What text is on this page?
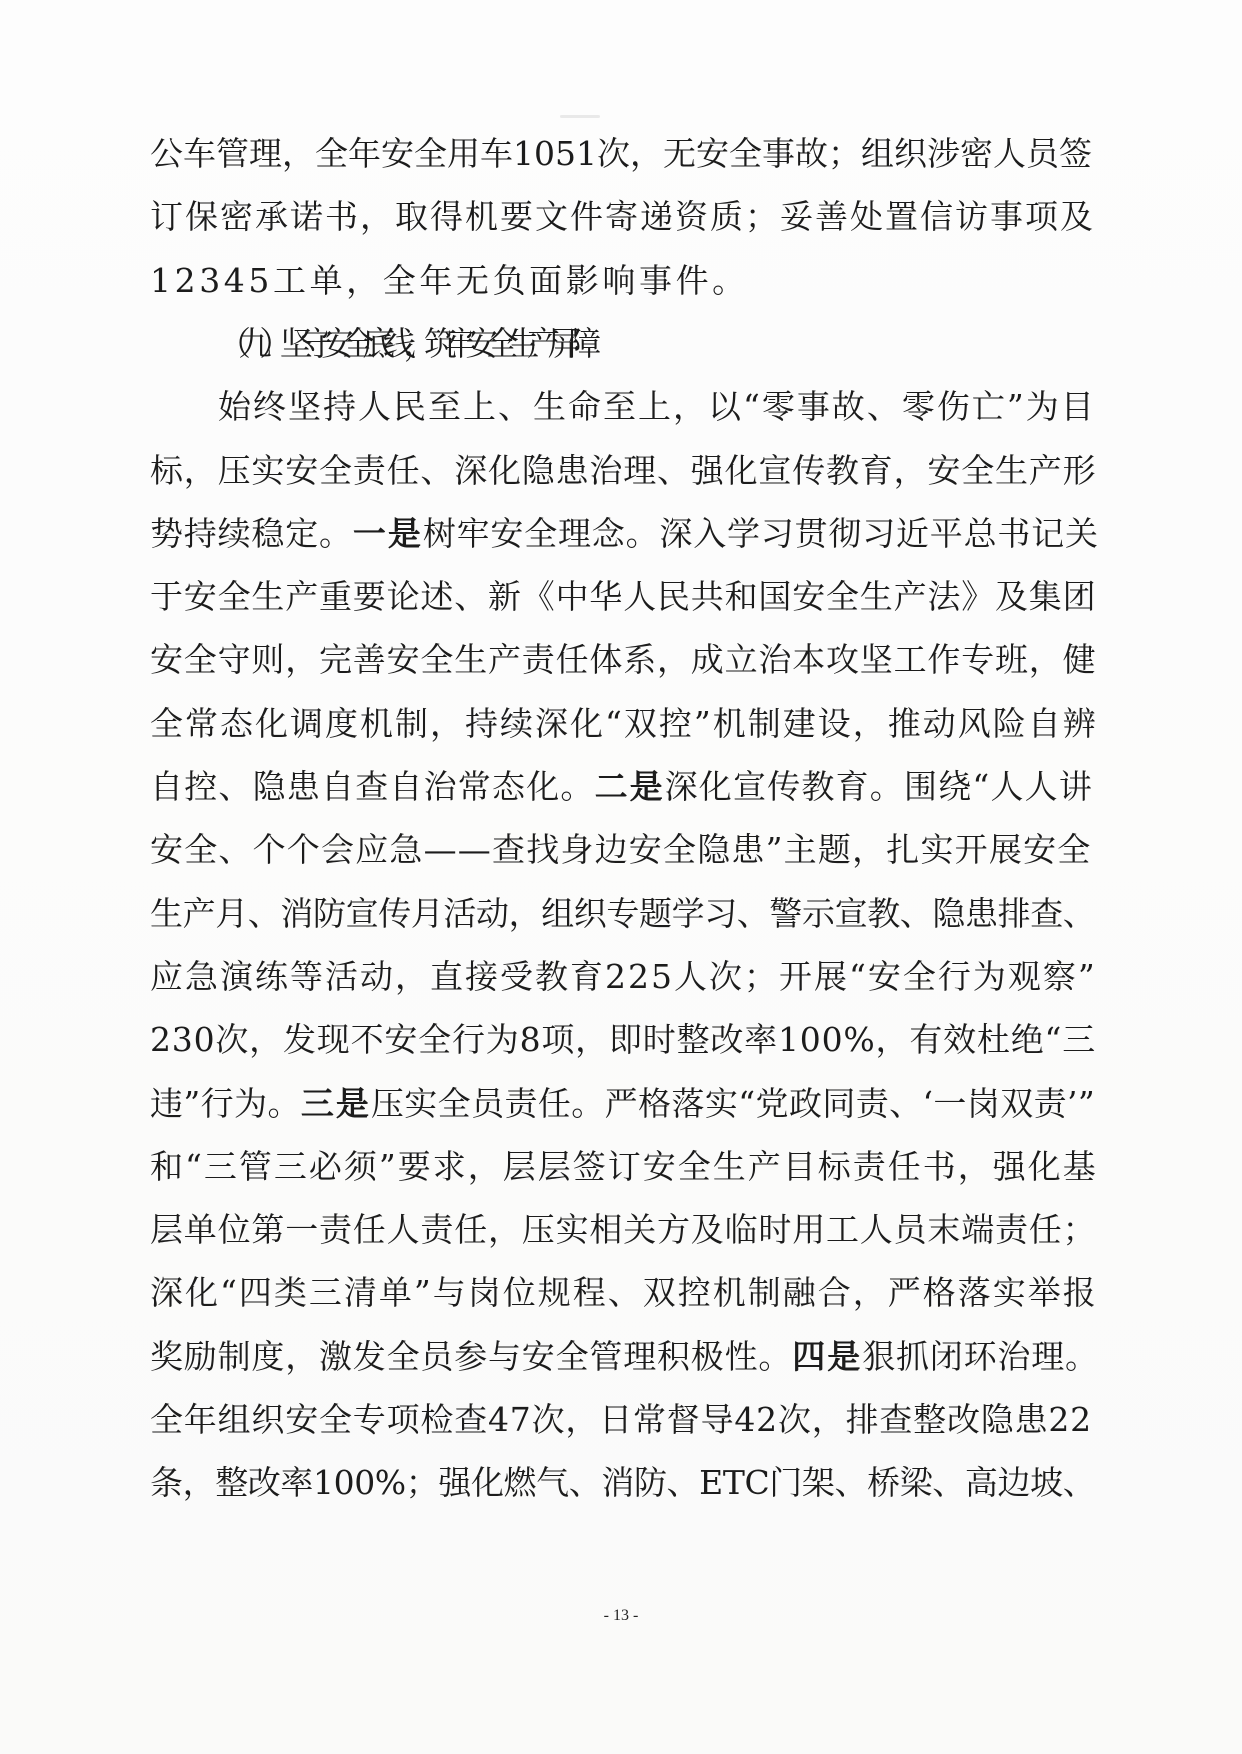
公车管理，全年安全用车1051次，无安全事故；组织涉密人员签
订保密承诺书，取得机要文件寄递资质；妥善处置信访事项及
12345工单，全年无负面影响事件。
（九）坚守安全底线，筑牢安全生产屏障
始终坚持人民至上、生命至上，以“零事故、零伤亡”为目
标，压实安全责任、深化隐患治理、强化宣传教育，安全生产形
势持续稳定。一是树牢安全理念。深入学习贯彻习近平总书记关
于安全生产重要论述、新《中华人民共和国安全生产法》及集团
安全守则，完善安全生产责任体系，成立治本攻坚工作专班，健
全常态化调度机制，持续深化“双控”机制建设，推动风险自辨
自控、隐患自查自治常态化。二是深化宣传教育。围绕“人人讲
安全、个个会应急——查找身边安全隐患”主题，扎实开展安全
生产月、消防宣传月活动，组织专题学习、警示宣教、隐患排查、
应急演练等活动，直接受教育225人次；开展“安全行为观察”
230次，发现不安全行为8项，即时整改率100%，有效杜绝“三
违”行为。三是压实全员责任。严格落实“党政同责、‘一岗双责’”
和“三管三必须”要求，层层签订安全生产目标责任书，强化基
层单位第一责任人责任，压实相关方及临时用工人员末端责任；
深化“四类三清单”与岗位规程、双控机制融合，严格落实举报
奖励制度，激发全员参与安全管理积极性。四是狠抓闭环治理。
全年组织安全专项检查47次，日常督导42次，排查整改隐患22
条，整改率100%；强化燃气、消防、ETC门架、桥梁、高边坡、
- 13 -
